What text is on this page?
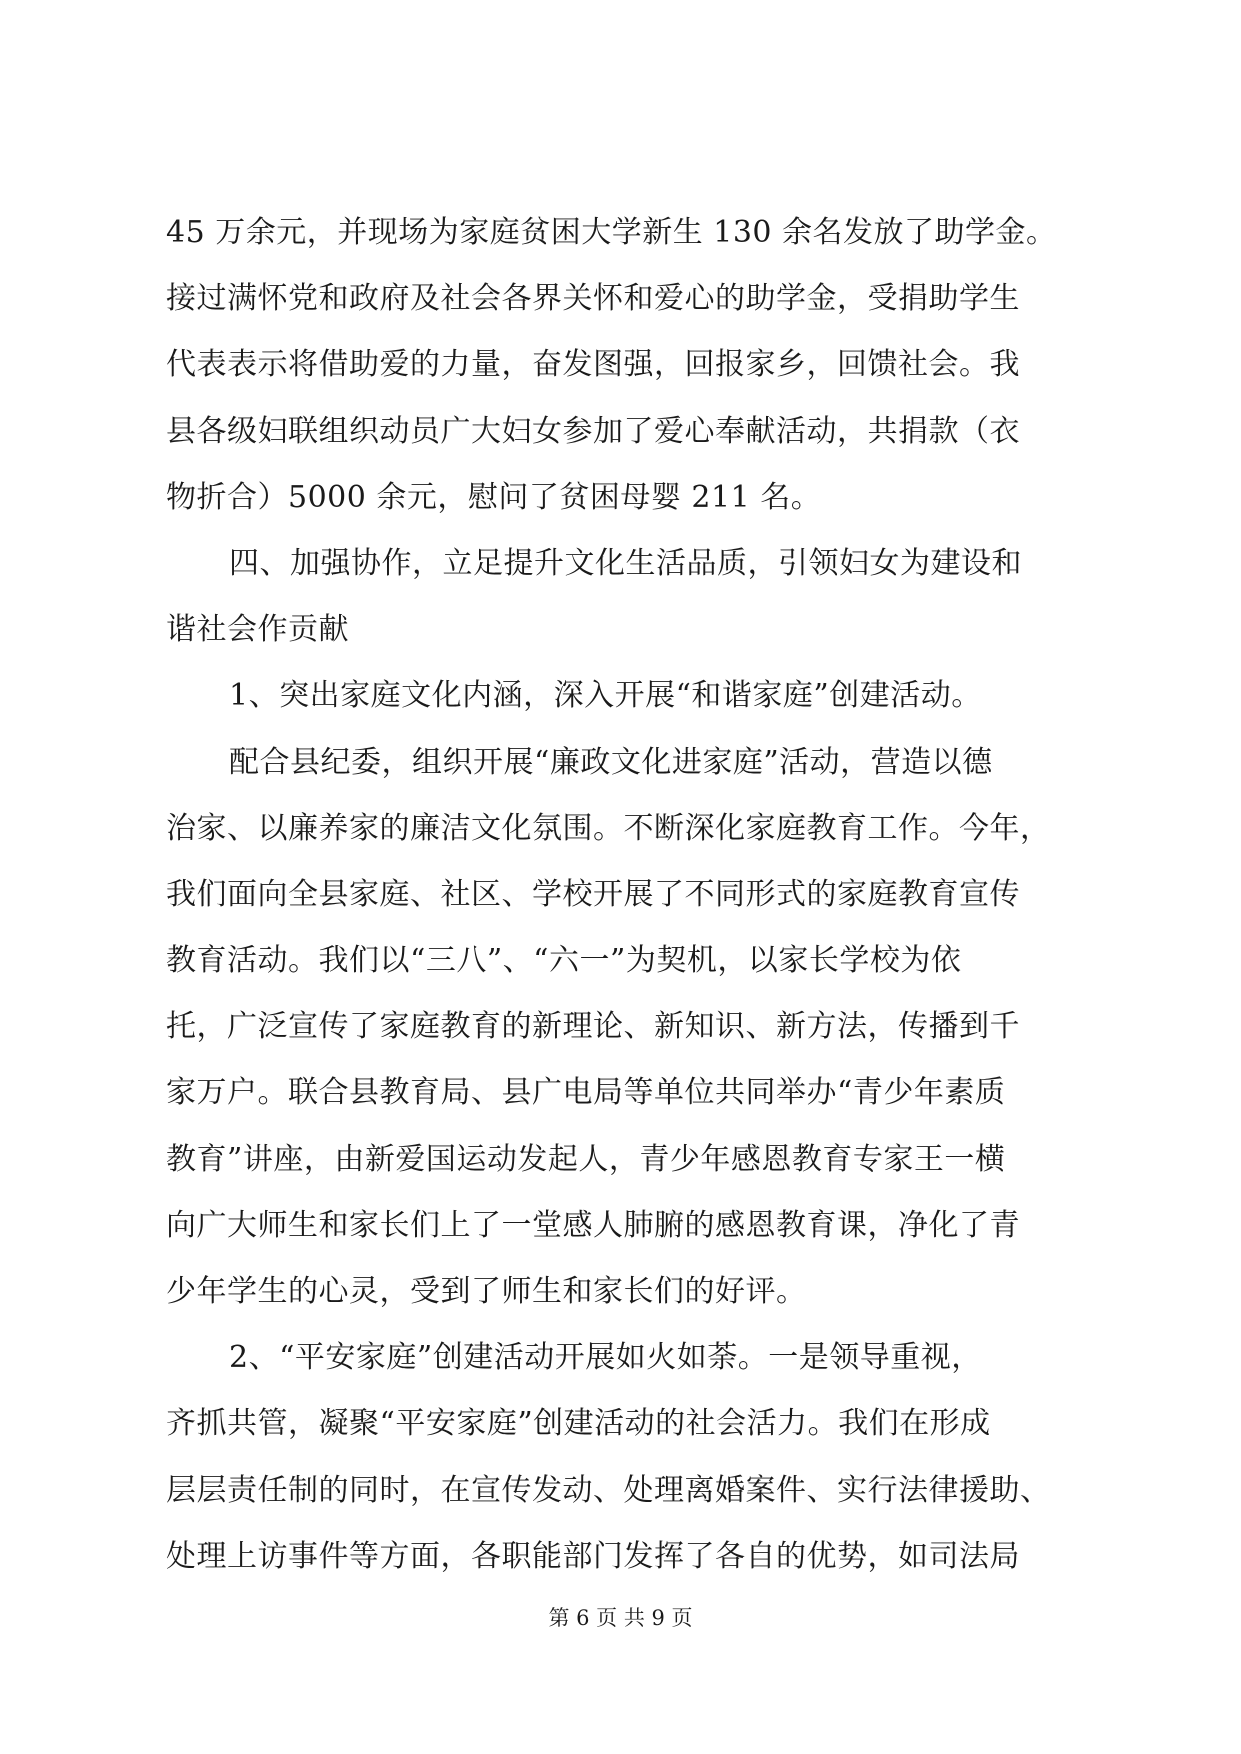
45 万余元，并现场为家庭贫困大学新生 130 余名发放了助学金。
接过满怀党和政府及社会各界关怀和爱心的助学金，受捐助学生
代表表示将借助爱的力量，奋发图强，回报家乡，回馈社会。我
县各级妇联组织动员广大妇女参加了爱心奉献活动，共捐款（衣
物折合）5000 余元，慰问了贫困母婴 211 名。
四、加强协作，立足提升文化生活品质，引领妇女为建设和
谐社会作贡献
1、突出家庭文化内涵，深入开展“和谐家庭”创建活动。
配合县纪委，组织开展“廉政文化进家庭”活动，营造以德
治家、以廉养家的廉洁文化氛围。不断深化家庭教育工作。今年，
我们面向全县家庭、社区、学校开展了不同形式的家庭教育宣传
教育活动。我们以“三八”、“六一”为契机，以家长学校为依
托，广泛宣传了家庭教育的新理论、新知识、新方法，传播到千
家万户。联合县教育局、县广电局等单位共同举办“青少年素质
教育”讲座，由新爱国运动发起人，青少年感恩教育专家王一横
向广大师生和家长们上了一堂感人肺腑的感恩教育课，净化了青
少年学生的心灵，受到了师生和家长们的好评。
2、“平安家庭”创建活动开展如火如荼。一是领导重视，
齐抓共管，凝聚“平安家庭”创建活动的社会活力。我们在形成
层层责任制的同时，在宣传发动、处理离婚案件、实行法律援助、
处理上访事件等方面，各职能部门发挥了各自的优势，如司法局
第 6 页 共 9 页
